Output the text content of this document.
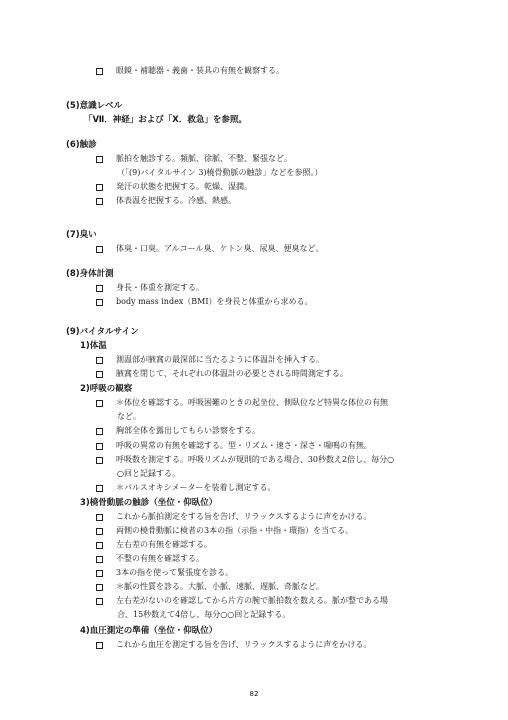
82
眼鏡・補聴器・義歯・装具の有無を観察する。
(5)意識レベル
「Ⅶ．神経」および「Ⅹ．救急」を参照。
(6)触診
脈拍を触診する。頻脈、徐脈、不整、緊張など。
（「(9)バイタルサイン 3)橈骨動脈の触診」などを参照。）
発汗の状態を把握する。乾燥、湿潤。
体表温を把握する。冷感、熱感。
(7)臭い
体臭・口臭。アルコール臭、ケトン臭、尿臭、便臭など。
(8)身体計測
身長・体重を測定する。
body mass index（BMI）を身長と体重から求める。
(9)バイタルサイン
1)体温
測温部が腋窩の最深部に当たるように体温計を挿入する。
腋窩を閉じて、それぞれの体温計の必要とされる時間測定する。
2)呼吸の観察
＊体位を確認する。呼吸困難のときの起坐位、側臥位など特異な体位の有無
など。
胸部全体を露出してもらい診察をする。
呼吸の異常の有無を確認する。型・リズム・速さ・深さ・喘鳴の有無。
呼吸数を測定する。呼吸リズムが規則的である場合、30秒数え2倍し、毎分○
○回と記録する。
＊パルスオキシメーターを装着し測定する。
3)橈骨動脈の触診（坐位・仰臥位）
これから脈拍測定をする旨を告げ、リラックスするように声をかける。
両側の橈骨動脈に検者の3本の指（示指・中指・環指）を当てる。
左右差の有無を確認する。
不整の有無を確認する。
3本の指を使って緊張度を診る。
＊脈の性質を診る。大脈、小脈、速脈、遅脈、奇脈など。
左右差がないのを確認してから片方の腕で脈拍数を数える。脈が整である場
合、15秒数えて4倍し、毎分○○回と記録する。
4)血圧測定の準備（坐位・仰臥位）
これから血圧を測定する旨を告げ、リラックスするように声をかける。
